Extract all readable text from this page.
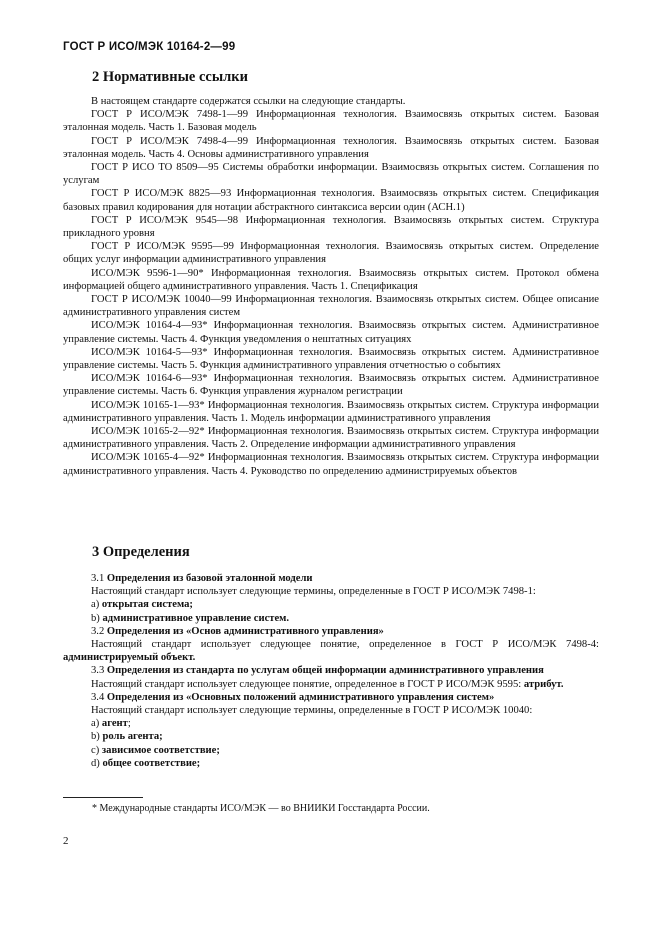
ГОСТ Р ИСО/МЭК 10164-2—99
2 Нормативные ссылки

В настоящем стандарте содержатся ссылки на следующие стандарты.

ГОСТ Р ИСО/МЭК 7498-1—99 Информационная технология. Взаимосвязь открытых систем. Базовая эталонная модель. Часть 1. Базовая модель

ГОСТ Р ИСО/МЭК 7498-4—99 Информационная технология. Взаимосвязь открытых систем. Базовая эталонная модель. Часть 4. Основы административного управления

ГОСТ Р ИСО ТО 8509—95 Системы обработки информации. Взаимосвязь открытых систем. Соглашения по услугам

ГОСТ Р ИСО/МЭК 8825—93 Информационная технология. Взаимосвязь открытых систем. Спецификация базовых правил кодирования для нотации абстрактного синтаксиса версии один (АСН.1)

ГОСТ Р ИСО/МЭК 9545—98 Информационная технология. Взаимосвязь открытых систем. Структура прикладного уровня

ГОСТ Р ИСО/МЭК 9595—99 Информационная технология. Взаимосвязь открытых систем. Определение общих услуг информации административного управления

ИСО/МЭК 9596-1—90* Информационная технология. Взаимосвязь открытых систем. Протокол обмена информацией общего административного управления. Часть 1. Спецификация

ГОСТ Р ИСО/МЭК 10040—99 Информационная технология. Взаимосвязь открытых систем. Общее описание административного управления систем

ИСО/МЭК 10164-4—93* Информационная технология. Взаимосвязь открытых систем. Административное управление системы. Часть 4. Функция уведомления о нештатных ситуациях

ИСО/МЭК 10164-5—93* Информационная технология. Взаимосвязь открытых систем. Административное управление системы. Часть 5. Функция административного управления отчетностью о событиях

ИСО/МЭК 10164-6—93* Информационная технология. Взаимосвязь открытых систем. Административное управление системы. Часть 6. Функция управления журналом регистрации

ИСО/МЭК 10165-1—93* Информационная технология. Взаимосвязь открытых систем. Структура информации административного управления. Часть 1. Модель информации административного управления

ИСО/МЭК 10165-2—92* Информационная технология. Взаимосвязь открытых систем. Структура информации административного управления. Часть 2. Определение информации административного управления

ИСО/МЭК 10165-4—92* Информационная технология. Взаимосвязь открытых систем. Структура информации административного управления. Часть 4. Руководство по определению администрируемых объектов

3 Определения

3.1 Определения из базовой эталонной модели

Настоящий стандарт использует следующие термины, определенные в ГОСТ Р ИСО/МЭК 7498-1:

a) открытая система;
b) административное управление систем.

3.2 Определения из «Основ административного управления»

Настоящий стандарт использует следующее понятие, определенное в ГОСТ Р ИСО/МЭК 7498-4: администрируемый объект.

3.3 Определения из стандарта по услугам общей информации административного управления

Настоящий стандарт использует следующее понятие, определенное в ГОСТ Р ИСО/МЭК 9595: атрибут.

3.4 Определения из «Основных положений административного управления систем»

Настоящий стандарт использует следующие термины, определенные в ГОСТ Р ИСО/МЭК 10040:

a) агент;
b) роль агента;
c) зависимое соответствие;
d) общее соответствие;
* Международные стандарты ИСО/МЭК — во ВНИИКИ Госстандарта России.
2
